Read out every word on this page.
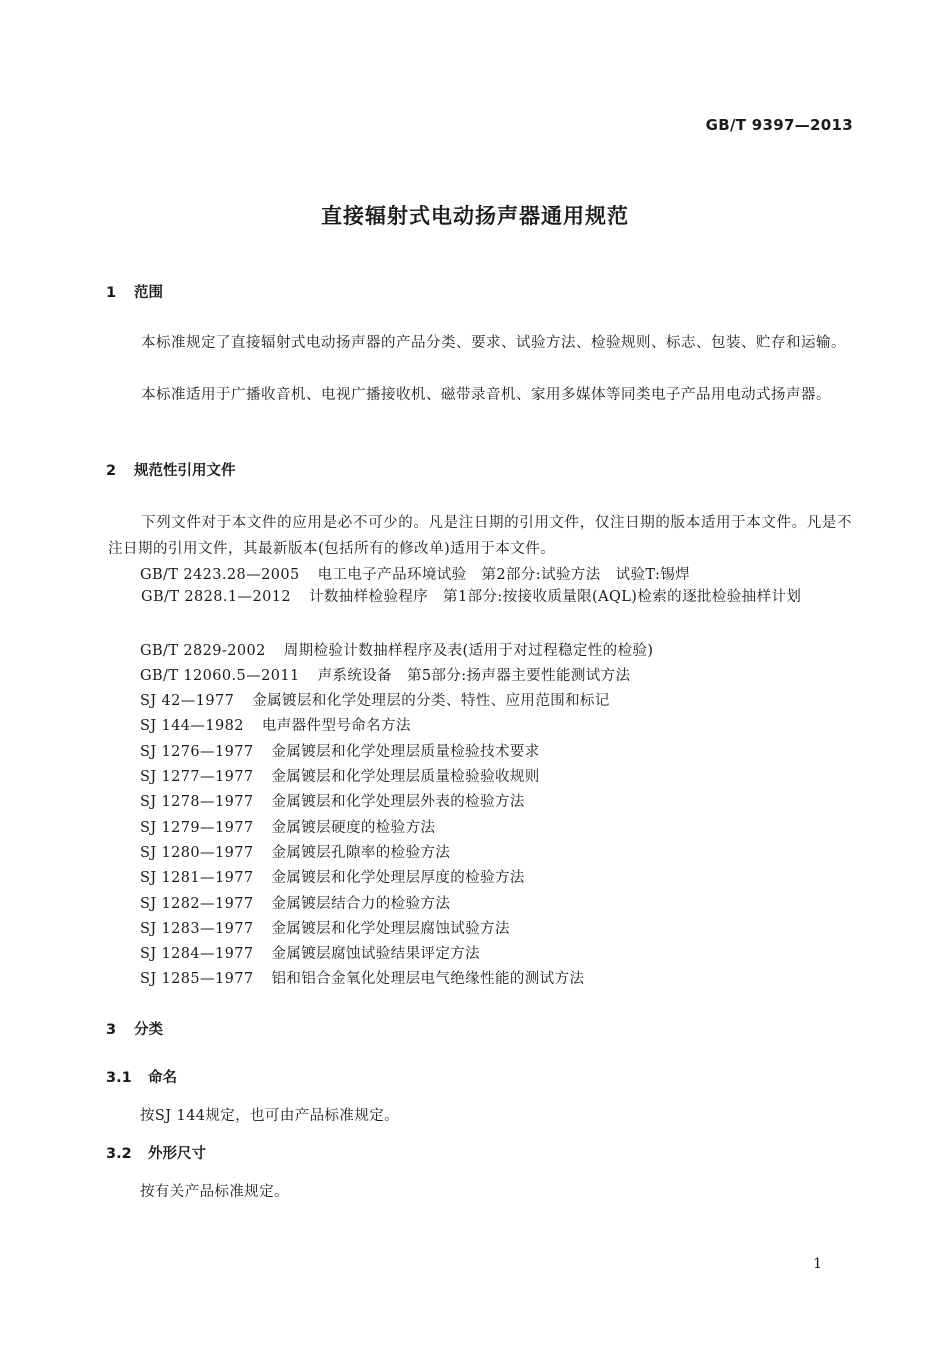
GB/T 9397—2013
直接辐射式电动扬声器通用规范
1 范围
本标准规定了直接辐射式电动扬声器的产品分类、要求、试验方法、检验规则、标志、包装、贮存和运输。
本标准适用于广播收音机、电视广播接收机、磁带录音机、家用多媒体等同类电子产品用电动式扬声器。
2 规范性引用文件
下列文件对于本文件的应用是必不可少的。凡是注日期的引用文件，仅注日期的版本适用于本文件。凡是不注日期的引用文件，其最新版本(包括所有的修改单)适用于本文件。
GB/T 2423.28—2005 电工电子产品环境试验　第2部分:试验方法　试验T:锡焊
GB/T 2828.1—2012 计数抽样检验程序　第1部分:按接收质量限(AQL)检索的逐批检验抽样计划
GB/T 2829-2002 周期检验计数抽样程序及表(适用于对过程稳定性的检验)
GB/T 12060.5—2011 声系统设备　第5部分:扬声器主要性能测试方法
SJ 42—1977 金属镀层和化学处理层的分类、特性、应用范围和标记
SJ 144—1982 电声器件型号命名方法
SJ 1276—1977 金属镀层和化学处理层质量检验技术要求
SJ 1277—1977 金属镀层和化学处理层质量检验验收规则
SJ 1278—1977 金属镀层和化学处理层外表的检验方法
SJ 1279—1977 金属镀层硬度的检验方法
SJ 1280—1977 金属镀层孔隙率的检验方法
SJ 1281—1977 金属镀层和化学处理层厚度的检验方法
SJ 1282—1977 金属镀层结合力的检验方法
SJ 1283—1977 金属镀层和化学处理层腐蚀试验方法
SJ 1284—1977 金属镀层腐蚀试验结果评定方法
SJ 1285—1977 铝和铝合金氧化处理层电气绝缘性能的测试方法
3 分类
3.1 命名
按SJ 144规定，也可由产品标准规定。
3.2 外形尺寸
按有关产品标准规定。
1
